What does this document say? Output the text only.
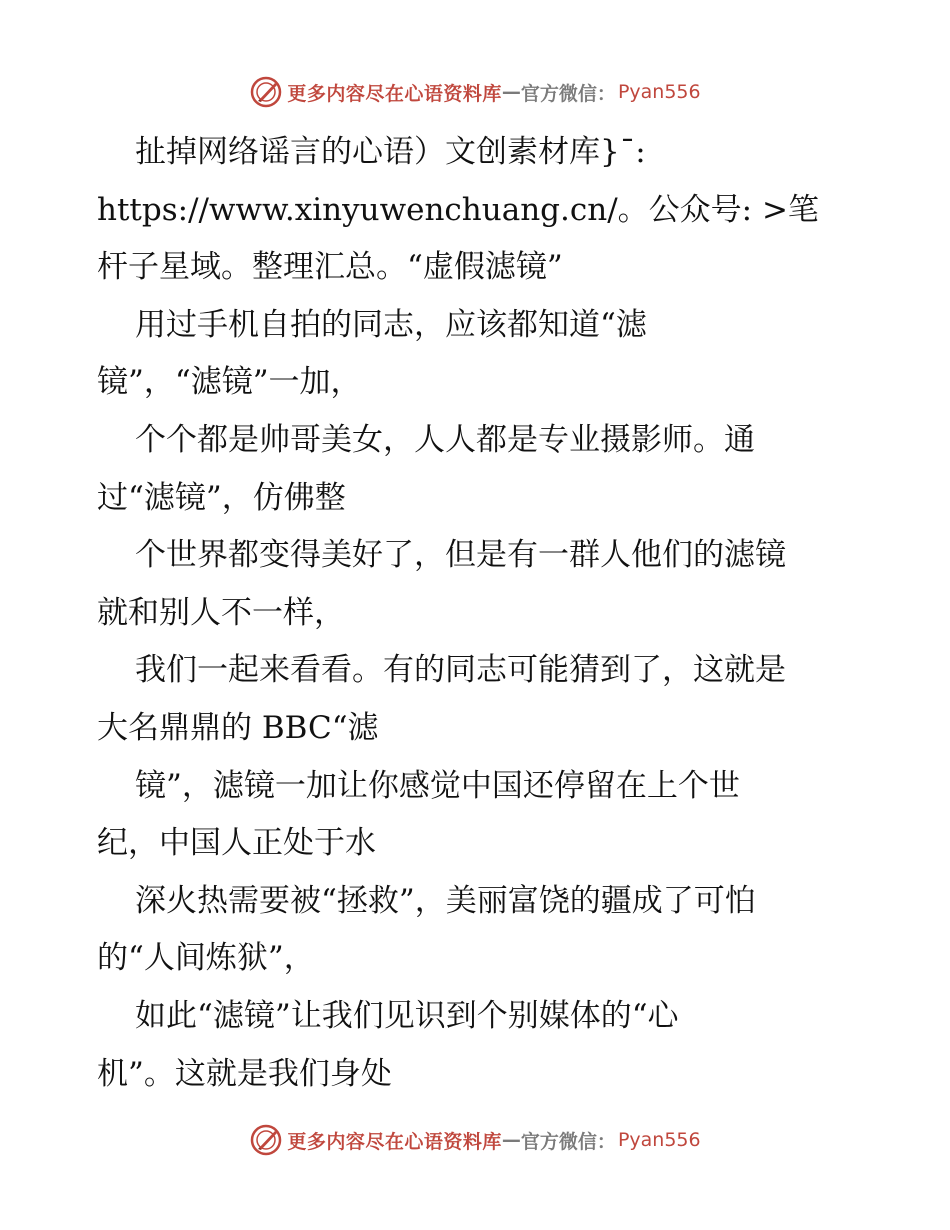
更多内容尽在心语资料库 — 官方微信： Pyan556
扯掉网络谣言的心语）文创素材库}¯:
https://www.xinyuwenchuang.cn/。公众号: >笔
杆子星域。整理汇总。“虚假滤镜”
用过手机自拍的同志，应该都知道“滤
镜”，“滤镜”一加，
个个都是帅哥美女，人人都是专业摄影师。通
过“滤镜”，仿佛整
个世界都变得美好了，但是有一群人他们的滤镜
就和别人不一样，
我们一起来看看。有的同志可能猜到了，这就是
大名鼎鼎的 BBC“滤
镜”，滤镜一加让你感觉中国还停留在上个世
纪，中国人正处于水
深火热需要被“拯救”，美丽富饶的疆成了可怕
的“人间炼狱”，
如此“滤镜”让我们见识到个别媒体的“心
机”。这就是我们身处
更多内容尽在心语资料库 — 官方微信： Pyan556
